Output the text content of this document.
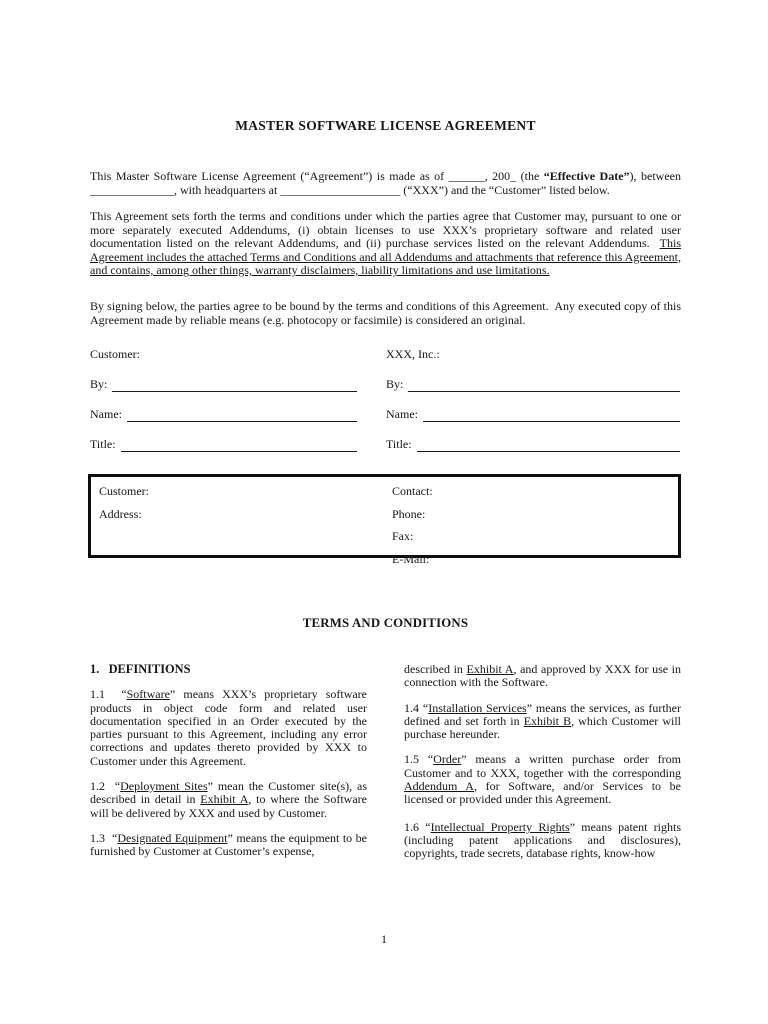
MASTER SOFTWARE LICENSE AGREEMENT
This Master Software License Agreement (“Agreement”) is made as of ______, 200_ (the “Effective Date”), between ______________, with headquarters at ____________________ (“XXX”) and the “Customer” listed below.
This Agreement sets forth the terms and conditions under which the parties agree that Customer may, pursuant to one or more separately executed Addendums, (i) obtain licenses to use XXX’s proprietary software and related user documentation listed on the relevant Addendums, and (ii) purchase services listed on the relevant Addendums.  This Agreement includes the attached Terms and Conditions and all Addendums and attachments that reference this Agreement, and contains, among other things, warranty disclaimers, liability limitations and use limitations.
By signing below, the parties agree to be bound by the terms and conditions of this Agreement.  Any executed copy of this Agreement made by reliable means (e.g. photocopy or facsimile) is considered an original.
Customer:
By:
Name:
Title:
XXX, Inc.:
By:
Name:
Title:
Customer:
Address:
Contact:
Phone:
Fax:
E-Mail:
TERMS AND CONDITIONS

1.   DEFINITIONS

1.1  “Software” means XXX’s proprietary software products in object code form and related user documentation specified in an Order executed by the parties pursuant to this Agreement, including any error corrections and updates thereto provided by XXX to Customer under this Agreement.

1.2  “Deployment Sites” mean the Customer site(s), as described in detail in Exhibit A, to where the Software will be delivered by XXX and used by Customer.

1.3  “Designated Equipment” means the equipment to be furnished by Customer at Customer’s expense,

described in Exhibit A, and approved by XXX for use in connection with the Software.

1.4 “Installation Services” means the services, as further defined and set forth in Exhibit B, which Customer will purchase hereunder.

1.5 “Order” means a written purchase order from Customer and to XXX, together with the corresponding Addendum A, for Software, and/or Services to be licensed or provided under this Agreement.

1.6 “Intellectual Property Rights” means patent rights (including patent applications and disclosures), copyrights, trade secrets, database rights, know-how

1
